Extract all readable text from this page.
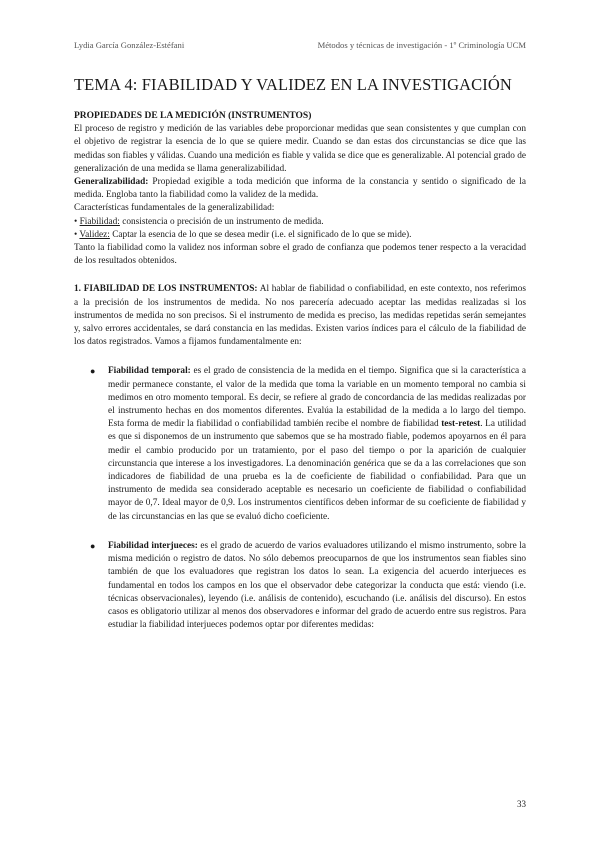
Lydia García González-Estéfani	Métodos y técnicas de investigación - 1º Criminología UCM
TEMA 4: FIABILIDAD Y VALIDEZ EN LA INVESTIGACIÓN
PROPIEDADES DE LA MEDICIÓN (INSTRUMENTOS)

El proceso de registro y medición de las variables debe proporcionar medidas que sean consistentes y que cumplan con el objetivo de registrar la esencia de lo que se quiere medir. Cuando se dan estas dos circunstancias se dice que las medidas son fiables y válidas. Cuando una medición es fiable y valida se dice que es generalizable. Al potencial grado de generalización de una medida se llama generalizabilidad.

Generalizabilidad: Propiedad exigible a toda medición que informa de la constancia y sentido o significado de la medida. Engloba tanto la fiabilidad como la validez de la medida.

Características fundamentales de la generalizabilidad:

• Fiabilidad: consistencia o precisión de un instrumento de medida.
• Validez: Captar la esencia de lo que se desea medir (i.e. el significado de lo que se mide).

Tanto la fiabilidad como la validez nos informan sobre el grado de confianza que podemos tener respecto a la veracidad de los resultados obtenidos.

1. FIABILIDAD DE LOS INSTRUMENTOS: Al hablar de fiabilidad o confiabilidad, en este contexto, nos referimos a la precisión de los instrumentos de medida. No nos parecería adecuado aceptar las medidas realizadas si los instrumentos de medida no son precisos. Si el instrumento de medida es preciso, las medidas repetidas serán semejantes y, salvo errores accidentales, se dará constancia en las medidas. Existen varios índices para el cálculo de la fiabilidad de los datos registrados. Vamos a fijamos fundamentalmente en:

● Fiabilidad temporal: es el grado de consistencia de la medida en el tiempo. Significa que si la característica a medir permanece constante, el valor de la medida que toma la variable en un momento temporal no cambia si medimos en otro momento temporal. Es decir, se refiere al grado de concordancia de las medidas realizadas por el instrumento hechas en dos momentos diferentes. Evalúa la estabilidad de la medida a lo largo del tiempo. Esta forma de medir la fiabilidad o confiabilidad también recibe el nombre de fiabilidad test-retest. La utilidad es que si disponemos de un instrumento que sabemos que se ha mostrado fiable, podemos apoyarnos en él para medir el cambio producido por un tratamiento, por el paso del tiempo o por la aparición de cualquier circunstancia que interese a los investigadores. La denominación genérica que se da a las correlaciones que son indicadores de fiabilidad de una prueba es la de coeficiente de fiabilidad o confiabilidad. Para que un instrumento de medida sea considerado aceptable es necesario un coeficiente de fiabilidad o confiabilidad mayor de 0,7. Ideal mayor de 0,9. Los instrumentos científicos deben informar de su coeficiente de fiabilidad y de las circunstancias en las que se evaluó dicho coeficiente.
● Fiabilidad interjueces: es el grado de acuerdo de varios evaluadores utilizando el mismo instrumento, sobre la misma medición o registro de datos. No sólo debemos preocuparnos de que los instrumentos sean fiables sino también de que los evaluadores que registran los datos lo sean. La exigencia del acuerdo interjueces es fundamental en todos los campos en los que el observador debe categorizar la conducta que está: viendo (i.e. técnicas observacionales), leyendo (i.e. análisis de contenido), escuchando (i.e. análisis del discurso). En estos casos es obligatorio utilizar al menos dos observadores e informar del grado de acuerdo entre sus registros. Para estudiar la fiabilidad interjueces podemos optar por diferentes medidas:
33
